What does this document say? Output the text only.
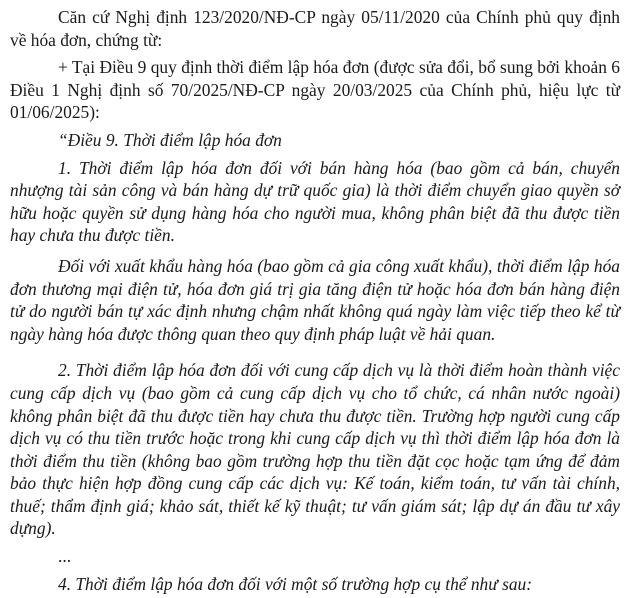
Căn cứ Nghị định 123/2020/NĐ-CP ngày 05/11/2020 của Chính phủ quy định về hóa đơn, chứng từ:

+ Tại Điều 9 quy định thời điểm lập hóa đơn (được sửa đổi, bổ sung bởi khoản 6 Điều 1 Nghị định số 70/2025/NĐ-CP ngày 20/03/2025 của Chính phủ, hiệu lực từ 01/06/2025):

“Điều 9. Thời điểm lập hóa đơn

1. Thời điểm lập hóa đơn đối với bán hàng hóa (bao gồm cả bán, chuyển nhượng tài sản công và bán hàng dự trữ quốc gia) là thời điểm chuyển giao quyền sở hữu hoặc quyền sử dụng hàng hóa cho người mua, không phân biệt đã thu được tiền hay chưa thu được tiền.

Đối với xuất khẩu hàng hóa (bao gồm cả gia công xuất khẩu), thời điểm lập hóa đơn thương mại điện tử, hóa đơn giá trị gia tăng điện tử hoặc hóa đơn bán hàng điện tử do người bán tự xác định nhưng chậm nhất không quá ngày làm việc tiếp theo kể từ ngày hàng hóa được thông quan theo quy định pháp luật về hải quan.

2. Thời điểm lập hóa đơn đối với cung cấp dịch vụ là thời điểm hoàn thành việc cung cấp dịch vụ (bao gồm cả cung cấp dịch vụ cho tổ chức, cá nhân nước ngoài) không phân biệt đã thu được tiền hay chưa thu được tiền. Trường hợp người cung cấp dịch vụ có thu tiền trước hoặc trong khi cung cấp dịch vụ thì thời điểm lập hóa đơn là thời điểm thu tiền (không bao gồm trường hợp thu tiền đặt cọc hoặc tạm ứng để đảm bảo thực hiện hợp đồng cung cấp các dịch vụ: Kế toán, kiểm toán, tư vấn tài chính, thuế; thẩm định giá; khảo sát, thiết kế kỹ thuật; tư vấn giám sát; lập dự án đầu tư xây dựng).

...

4. Thời điểm lập hóa đơn đối với một số trường hợp cụ thể như sau:
